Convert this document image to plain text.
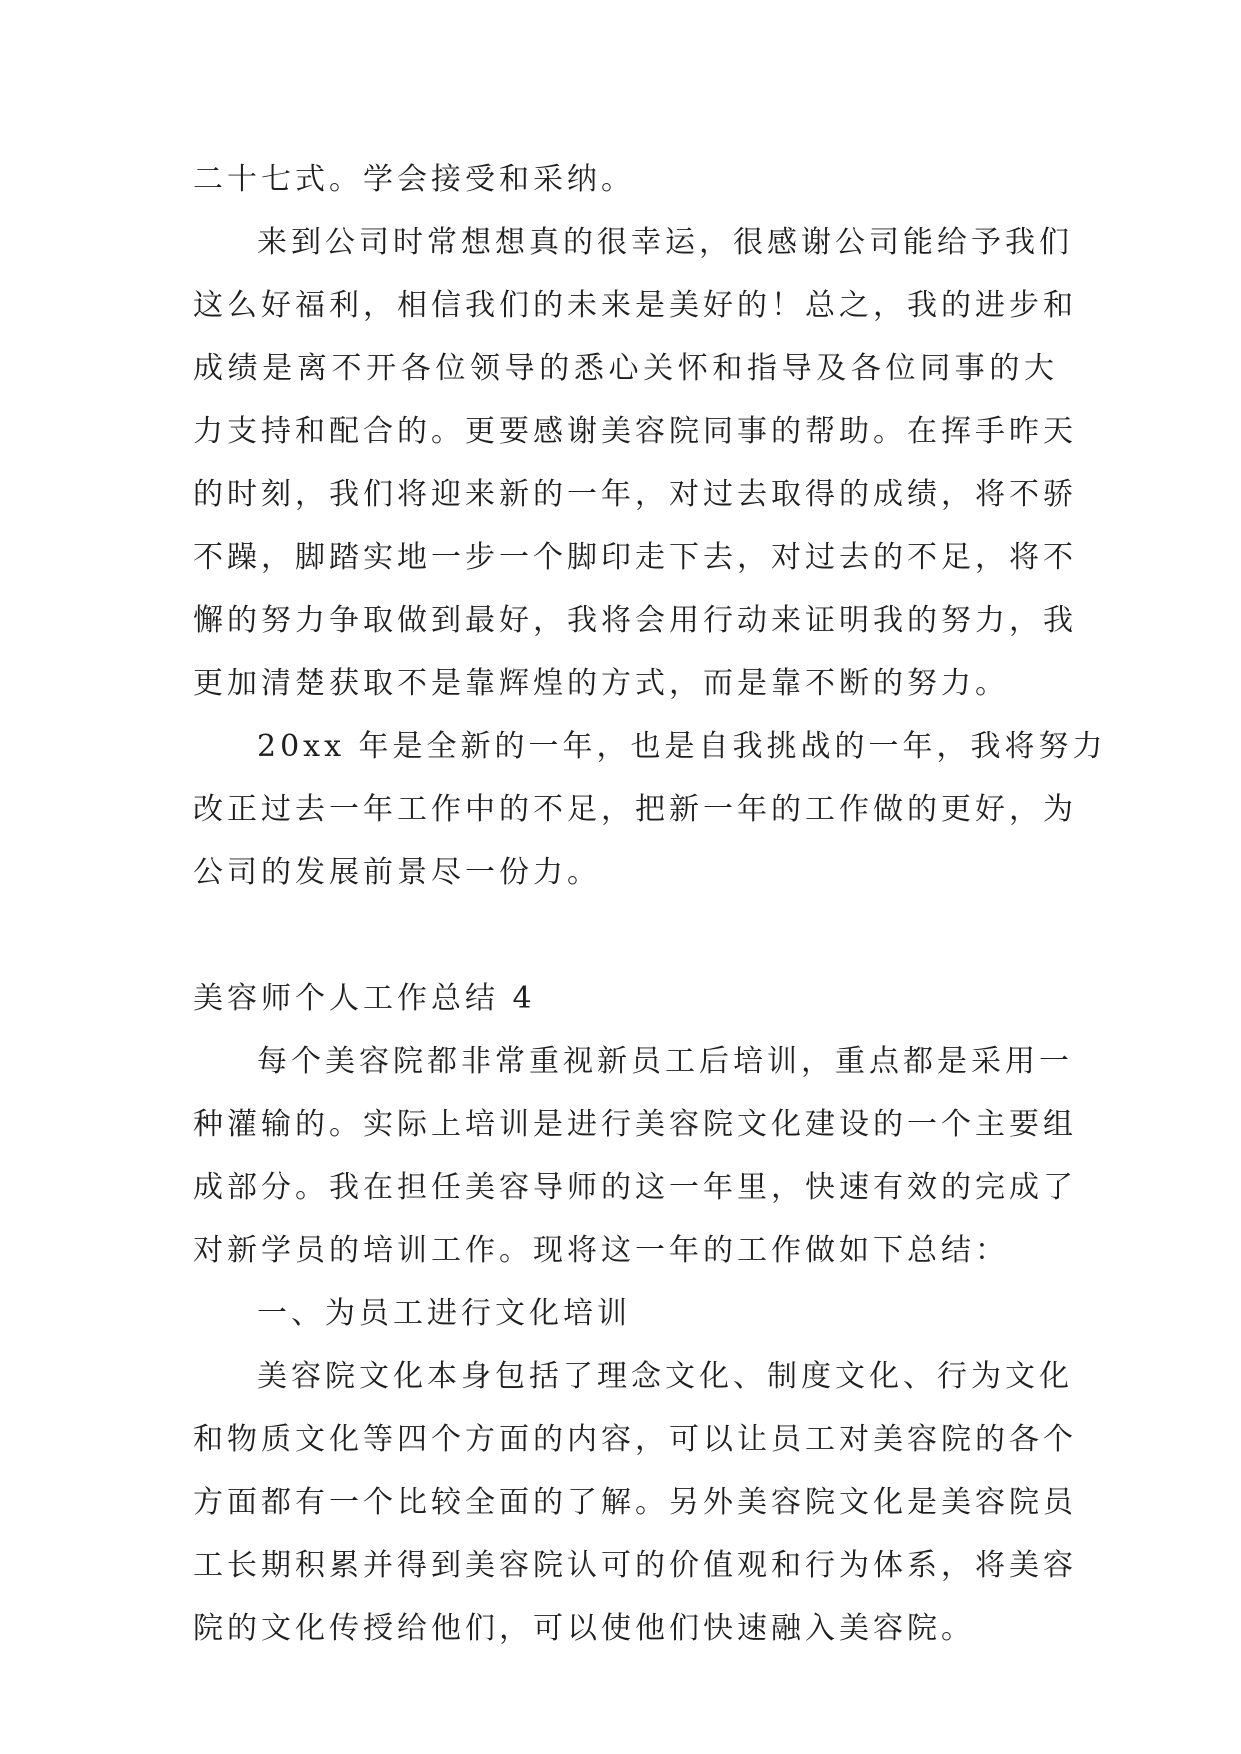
二十七式。学会接受和采纳。
来到公司时常想想真的很幸运，很感谢公司能给予我们
这么好福利，相信我们的未来是美好的！总之，我的进步和
成绩是离不开各位领导的悉心关怀和指导及各位同事的大
力支持和配合的。更要感谢美容院同事的帮助。在挥手昨天
的时刻，我们将迎来新的一年，对过去取得的成绩，将不骄
不躁，脚踏实地一步一个脚印走下去，对过去的不足，将不
懈的努力争取做到最好，我将会用行动来证明我的努力，我
更加清楚获取不是靠辉煌的方式，而是靠不断的努力。
20xx 年是全新的一年，也是自我挑战的一年，我将努力
改正过去一年工作中的不足，把新一年的工作做的更好，为
公司的发展前景尽一份力。
美容师个人工作总结 4
每个美容院都非常重视新员工后培训，重点都是采用一
种灌输的。实际上培训是进行美容院文化建设的一个主要组
成部分。我在担任美容导师的这一年里，快速有效的完成了
对新学员的培训工作。现将这一年的工作做如下总结：
一、为员工进行文化培训
美容院文化本身包括了理念文化、制度文化、行为文化
和物质文化等四个方面的内容，可以让员工对美容院的各个
方面都有一个比较全面的了解。另外美容院文化是美容院员
工长期积累并得到美容院认可的价值观和行为体系，将美容
院的文化传授给他们，可以使他们快速融入美容院。
